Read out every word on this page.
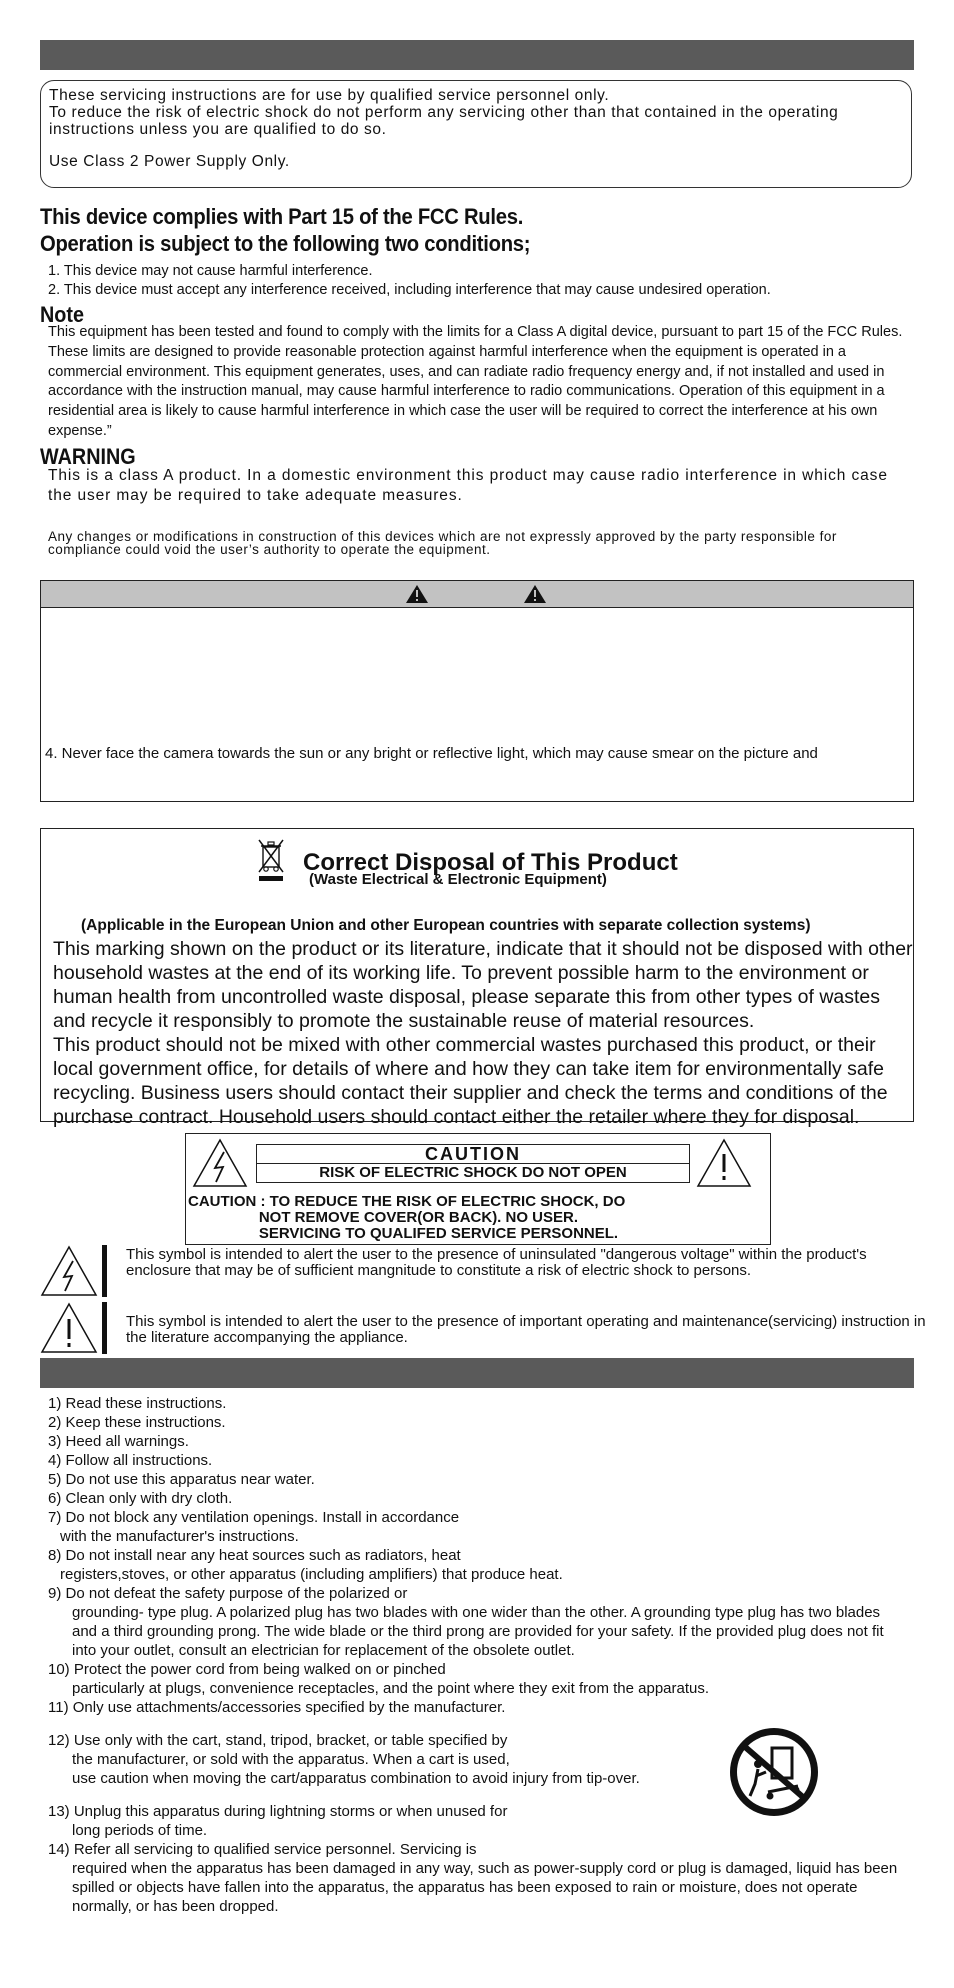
These servicing instructions are for use by qualified service personnel only.

To reduce the risk of electric shock do not perform any servicing other than that contained in the operating instructions unless you are qualified to do so.

Use Class 2 Power Supply Only.

This device complies with Part 15 of the FCC Rules.
Operation is subject to the following two conditions;
1. This device may not cause harmful interference.
2. This device must accept any interference received, including interference that may cause undesired operation.
Note
This equipment has been tested and found to comply with the limits for a Class A digital device, pursuant to part 15 of the FCC Rules. These limits are designed to provide reasonable protection against harmful interference when the equipment is operated in a commercial environment. This equipment generates, uses, and can radiate radio frequency energy and, if not installed and used in accordance with the instruction manual, may cause harmful interference to radio communications. Operation of this equipment in a residential area is likely to cause harmful interference in which case the user will be required to correct the interference at his own expense.”
WARNING
This is a class A product. In a domestic environment this product may cause radio interference in which case the user may be required to take adequate measures.
Any changes or modifications in construction of this devices which are not expressly approved by the party responsible for compliance could void the user’s authority to operate the equipment.
4. Never face the camera towards the sun or any bright or reflective light, which may cause smear on the picture and
Correct Disposal of This Product
(Waste Electrical & Electronic Equipment)
(Applicable in the European Union and other European countries with separate collection systems)
This marking shown on the product or its literature, indicate that it should not be disposed with other household wastes at the end of its working life. To prevent possible harm to the environment or human health from uncontrolled waste disposal, please separate this from other types of wastes and recycle it responsibly to promote the sustainable reuse of material resources.
This product should not be mixed with other commercial wastes purchased this product, or their local government office, for details of where and how they can take item for environmentally safe recycling. Business users should contact their supplier and check the terms and conditions of the purchase contract. Household users should contact either the retailer where they for disposal.
CAUTION
RISK OF ELECTRIC SHOCK DO NOT OPEN
CAUTION : TO REDUCE THE RISK OF ELECTRIC SHOCK, DO
NOT REMOVE COVER(OR BACK). NO USER.
SERVICING TO QUALIFED SERVICE PERSONNEL.
This symbol is intended to alert the user to the presence of uninsulated "dangerous voltage" within the product's enclosure that may be of sufficient mangnitude to constitute a risk of electric shock to persons.
This symbol is intended to alert the user to the presence of important operating and maintenance(servicing) instruction in the literature accompanying the appliance.
1) Read these instructions.
2) Keep these instructions.
3) Heed all warnings.
4) Follow all instructions.
5) Do not use this apparatus near water.
6) Clean only with dry cloth.
7) Do not block any ventilation openings. Install in accordance
with the manufacturer's instructions.
8) Do not install near any heat sources such as radiators, heat
registers,stoves, or other apparatus (including amplifiers) that produce heat.
9) Do not defeat the safety purpose of the polarized or
grounding- type plug. A polarized plug has two blades with one wider than the other. A grounding type plug has two blades and a third grounding prong. The wide blade or the third prong are provided for your safety. If the provided plug does not fit into your outlet, consult an electrician for replacement of the obsolete outlet.
10) Protect the power cord from being walked on or pinched
particularly at plugs, convenience receptacles, and the point where they exit from the apparatus.
11) Only use attachments/accessories specified by the manufacturer.
12) Use only with the cart, stand, tripod, bracket, or table specified by
the manufacturer, or sold with the apparatus. When a cart is used,
use caution when moving the cart/apparatus combination to avoid injury from tip-over.
13) Unplug this apparatus during lightning storms or when unused for
long periods of time.
14) Refer all servicing to qualified service personnel. Servicing is
required when the apparatus has been damaged in any way, such as power-supply cord or plug is damaged, liquid has been spilled or objects have fallen into the apparatus, the apparatus has been exposed to rain or moisture, does not operate normally, or has been dropped.
